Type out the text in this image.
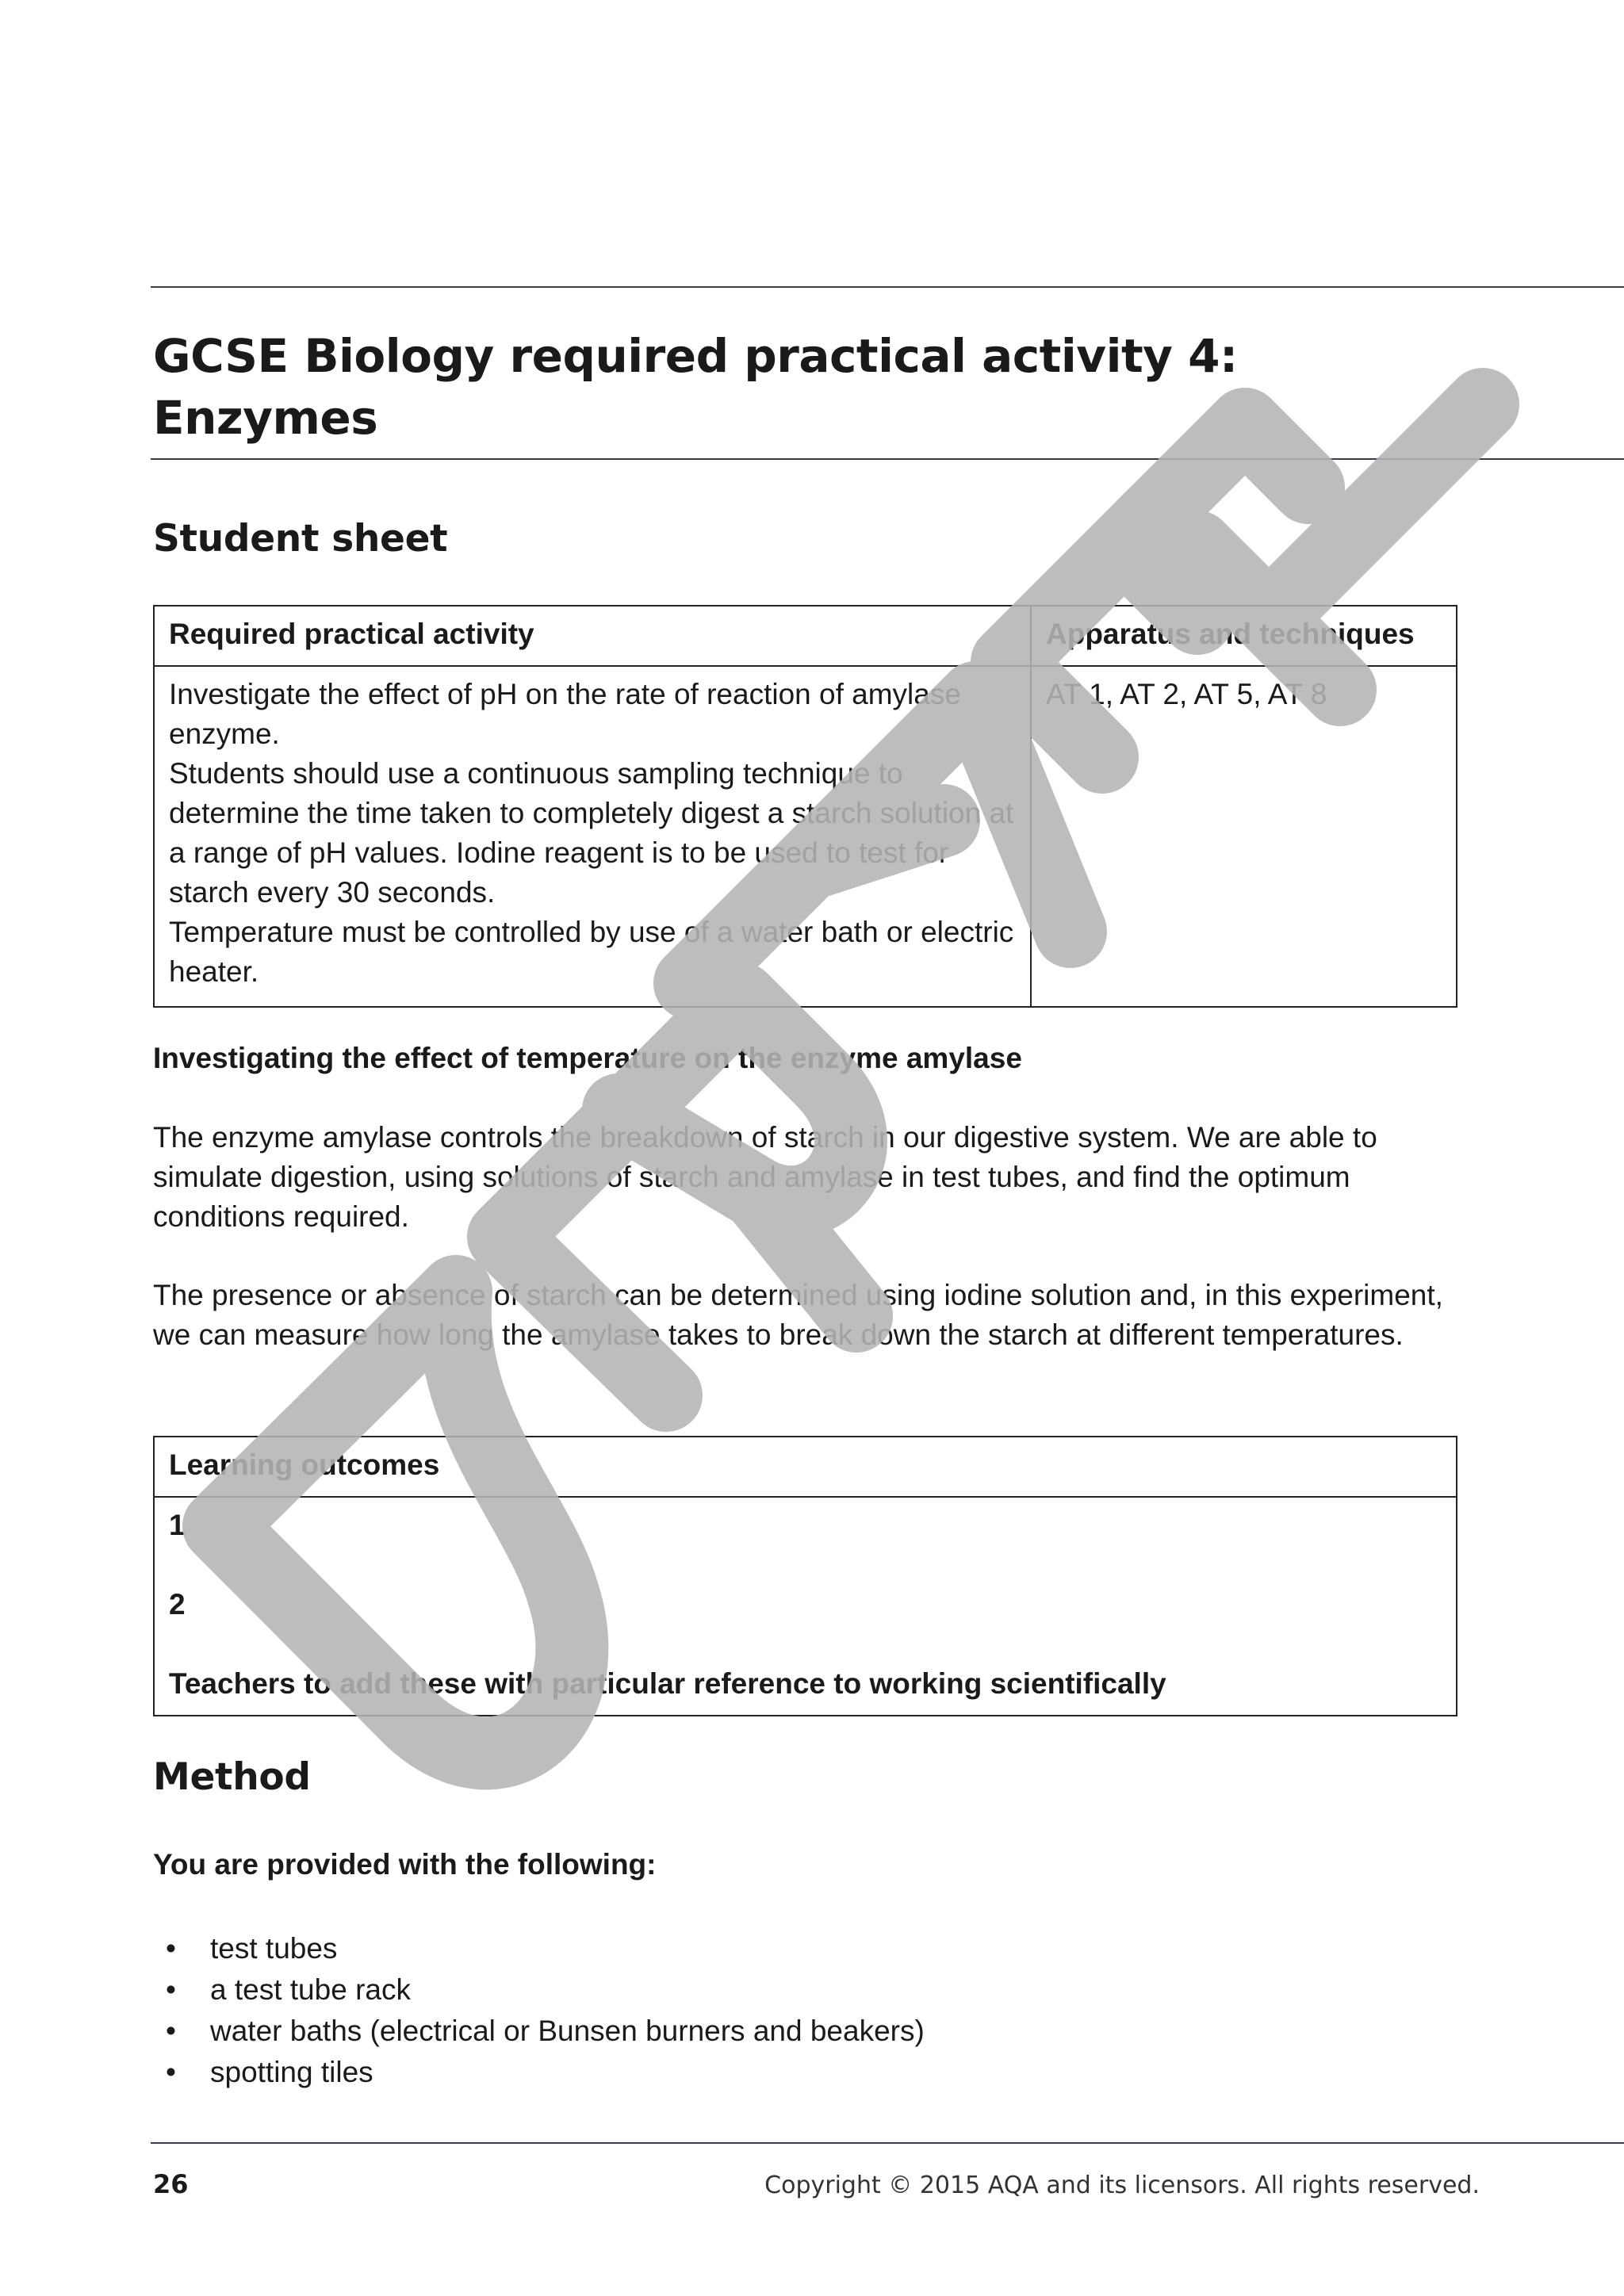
GCSE Biology required practical activity 4:
Enzymes
Student sheet
Required practical activity	Apparatus and techniques

Investigate the effect of pH on the rate of reaction of amylase enzyme.
Students should use a continuous sampling technique to determine the time taken to completely digest a starch solution at a range of pH values. Iodine reagent is to be used to test for starch every 30 seconds.
Temperature must be controlled by use of a water bath or electric heater.	AT 1, AT 2, AT 5, AT 8
Investigating the effect of temperature on the enzyme amylase
The enzyme amylase controls the breakdown of starch in our digestive system. We are able to simulate digestion, using solutions of starch and amylase in test tubes, and find the optimum conditions required.
The presence or absence of starch can be determined using iodine solution and, in this experiment, we can measure how long the amylase takes to break down the starch at different temperatures.
Learning outcomes

1
2
Teachers to add these with particular reference to working scientifically
Method
You are provided with the following:
• test tubes
• a test tube rack
• water baths (electrical or Bunsen burners and beakers)
• spotting tiles
26	Copyright © 2015 AQA and its licensors. All rights reserved.
